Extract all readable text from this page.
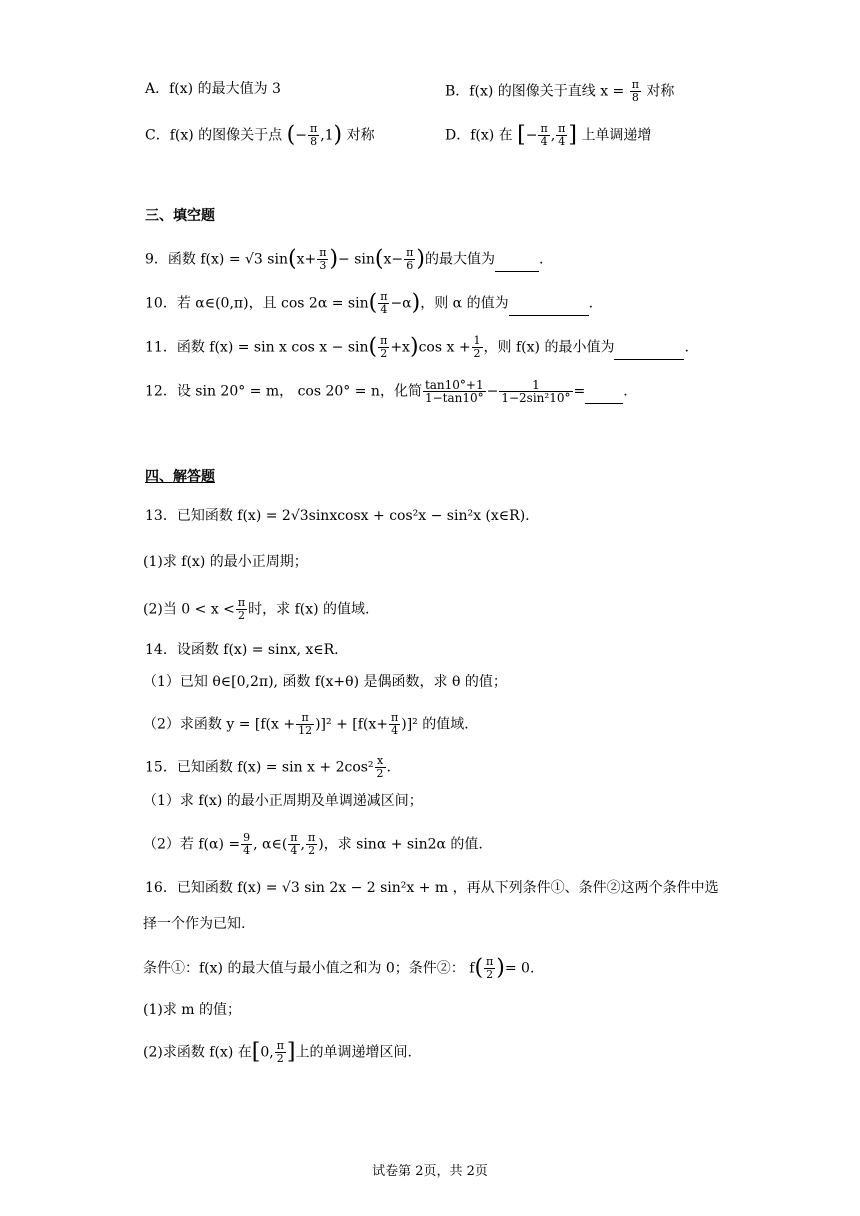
A．f(x) 的最大值为 3	B．f(x) 的图像关于直线 $x = \frac{\pi}{8}$ 对称
C．f(x) 的图像关于点 (− $\frac{\pi}{8} ,1$) 对称	D．f(x) 在 [− $\frac{\pi}{4}$ , $\frac{\pi}{4}$ ] 上单调递增
三、填空题
9．函数 f(x) = √3 $\sin(x+ \frac{\pi}{3}$ )− $\sin(x- \frac{\pi}{6}$ )的最大值为	.
10．若 α∈(0,π)，且 $\cos 2\alpha = \sin( \frac{\pi}{4} -\alpha)$，则 α 的值为	.
11．函数 f(x) = sin x $\cos x - \sin( \frac{\pi}{2} +x)\cos$ $x + \frac{1}{2}$ ，则 f(x) 的最小值为	.
12．设 sin 20° = m， cos 20° = n，化简 $\frac{\tan 10^\circ+1}{1-\tan 10^\circ} - \frac{1}{\text{1−2sin²10°}}$ =	.
四、解答题
13．已知函数 f(x) = 2√3sinxcosx + cos²x − sin²x (x∈R).
(1)求 f(x) 的最小正周期；
(2)当 $0 < x < \frac{\pi}{2}$ 时，求 f(x) 的值域.
14．设函数 f(x) = sinx, x∈R.
（1）已知 θ∈[0,2π), 函数 f(x+θ) 是偶函数，求 θ 的值；
（2）求函数 $y = [f(x + \frac{\pi}{12} )]^2 + [f(x+ \frac{\pi}{4} )]^2$ 的值域.
15．已知函数 $f(x) = \sin x + 2\cos^2 \frac{x}{2}$ .
（1）求 f(x) 的最小正周期及单调递减区间；
（2）若 $f(\alpha) = \frac{9}{4}$ , α∈( $\frac{\pi}{4}$ , $\frac{\pi}{2}$ )，求 sinα + sin2α 的值.
16．已知函数 f(x) = √3 sin 2x − 2 sin²x + m ，再从下列条件①、条件②这两个条件中选
择一个作为已知.
条件①：f(x) 的最大值与最小值之和为 0；条件②： $f( \frac{\pi}{2}$ )= 0.
(1)求 m 的值；
(2)求函数 f(x) 在[0, $\frac{\pi}{2}$ ]上的单调递增区间.
试卷第 2页，共 2页
